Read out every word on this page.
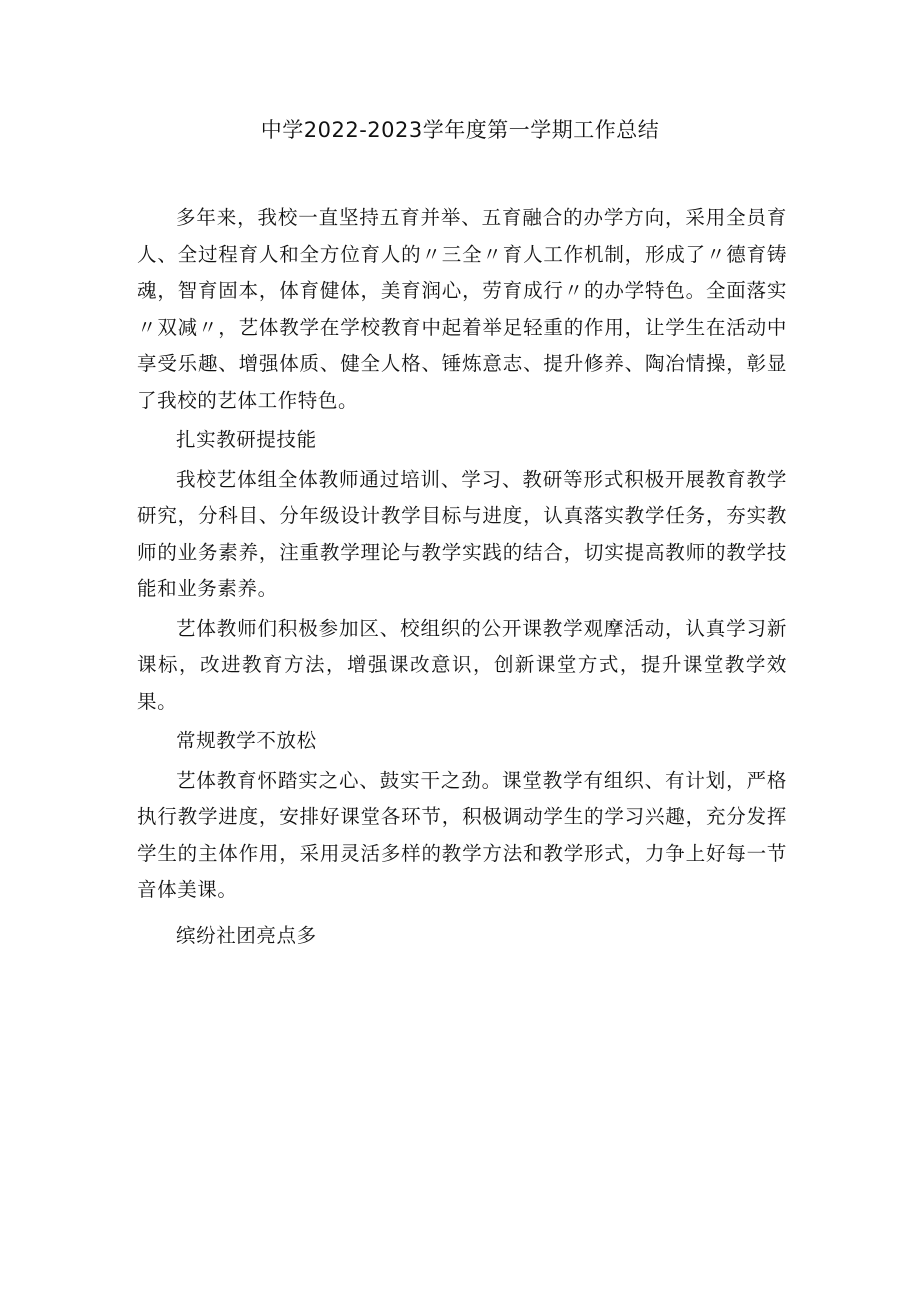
中学2022-2023学年度第一学期工作总结

多年来，我校一直坚持五育并举、五育融合的办学方向，采用全员育人、全过程育人和全方位育人的〃三全〃育人工作机制，形成了〃德育铸魂，智育固本，体育健体，美育润心，劳育成行〃的办学特色。全面落实〃双减〃，艺体教学在学校教育中起着举足轻重的作用，让学生在活动中享受乐趣、增强体质、健全人格、锤炼意志、提升修养、陶冶情操，彰显了我校的艺体工作特色。

扎实教研提技能

我校艺体组全体教师通过培训、学习、教研等形式积极开展教育教学研究，分科目、分年级设计教学目标与进度，认真落实教学任务，夯实教师的业务素养，注重教学理论与教学实践的结合，切实提高教师的教学技能和业务素养。

艺体教师们积极参加区、校组织的公开课教学观摩活动，认真学习新课标，改进教育方法，增强课改意识，创新课堂方式，提升课堂教学效果。

常规教学不放松

艺体教育怀踏实之心、鼓实干之劲。课堂教学有组织、有计划，严格执行教学进度，安排好课堂各环节，积极调动学生的学习兴趣，充分发挥学生的主体作用，采用灵活多样的教学方法和教学形式，力争上好每一节音体美课。

缤纷社团亮点多
